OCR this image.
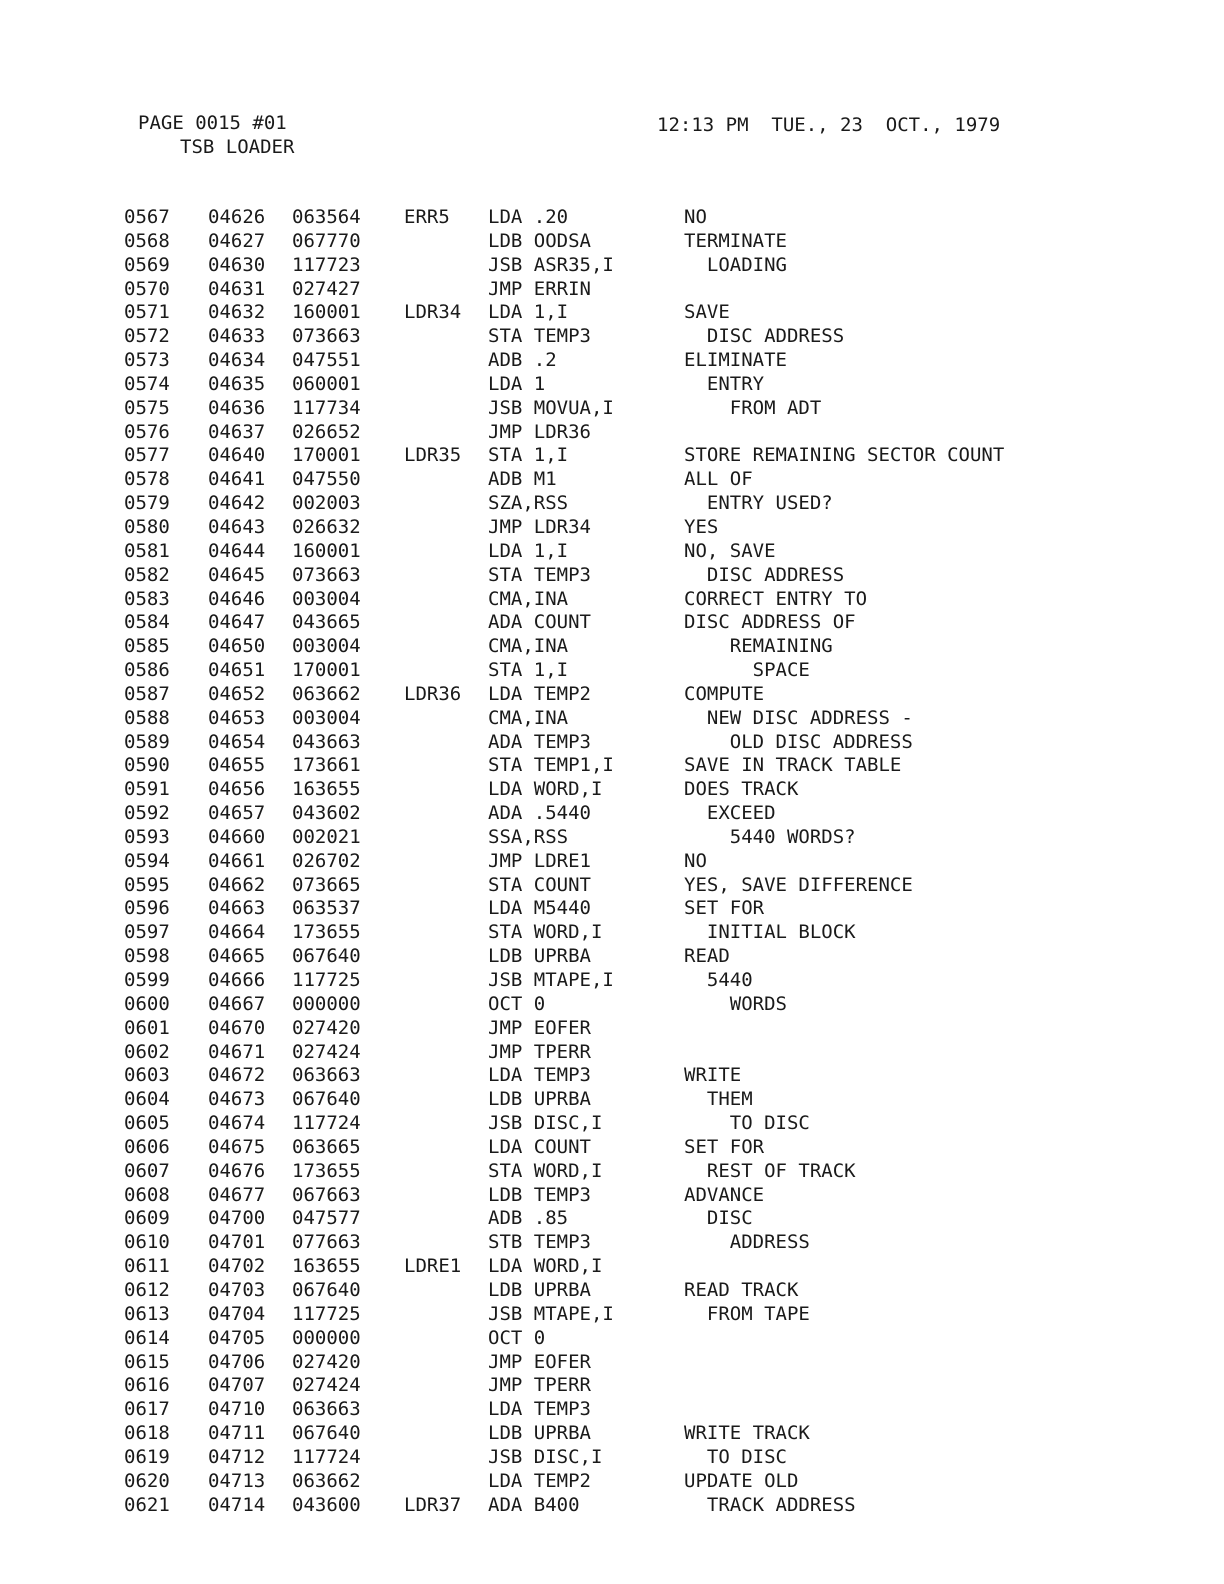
PAGE 0015 #01
TSB LOADER
12:13 PM  TUE., 23  OCT., 1979
0567 04626 063564 ERR5 LDA .20	NO
0568 04627 067770	LDB OODSA	TERMINATE
0569 04630 117723	JSB ASR35,I	LOADING
0570 04631 027427	JMP ERRIN
0571 04632 160001 LDR34 LDA 1,I	SAVE
0572 04633 073663	STA TEMP3	DISC ADDRESS
0573 04634 047551	ADB .2	ELIMINATE
0574 04635 060001	LDA 1	ENTRY
0575 04636 117734	JSB MOVUA,I	FROM ADT
0576 04637 026652	JMP LDR36
0577 04640 170001 LDR35 STA 1,I	STORE REMAINING SECTOR COUNT
0578 04641 047550	ADB M1	ALL OF
0579 04642 002003	SZA,RSS	ENTRY USED?
0580 04643 026632	JMP LDR34	YES
0581 04644 160001	LDA 1,I	NO, SAVE
0582 04645 073663	STA TEMP3	DISC ADDRESS
0583 04646 003004	CMA,INA	CORRECT ENTRY TO
0584 04647 043665	ADA COUNT	DISC ADDRESS OF
0585 04650 003004	CMA,INA	REMAINING
0586 04651 170001	STA 1,I	SPACE
0587 04652 063662 LDR36 LDA TEMP2	COMPUTE
0588 04653 003004	CMA,INA	NEW DISC ADDRESS -
0589 04654 043663	ADA TEMP3	OLD DISC ADDRESS
0590 04655 173661	STA TEMP1,I	SAVE IN TRACK TABLE
0591 04656 163655	LDA WORD,I	DOES TRACK
0592 04657 043602	ADA .5440	EXCEED
0593 04660 002021	SSA,RSS	5440 WORDS?
0594 04661 026702	JMP LDRE1	NO
0595 04662 073665	STA COUNT	YES, SAVE DIFFERENCE
0596 04663 063537	LDA M5440	SET FOR
0597 04664 173655	STA WORD,I	INITIAL BLOCK
0598 04665 067640	LDB UPRBA	READ
0599 04666 117725	JSB MTAPE,I	5440
0600 04667 000000	OCT 0	WORDS
0601 04670 027420	JMP EOFER
0602 04671 027424	JMP TPERR
0603 04672 063663	LDA TEMP3	WRITE
0604 04673 067640	LDB UPRBA	THEM
0605 04674 117724	JSB DISC,I	TO DISC
0606 04675 063665	LDA COUNT	SET FOR
0607 04676 173655	STA WORD,I	REST OF TRACK
0608 04677 067663	LDB TEMP3	ADVANCE
0609 04700 047577	ADB .85	DISC
0610 04701 077663	STB TEMP3	ADDRESS
0611 04702 163655 LDRE1 LDA WORD,I
0612 04703 067640	LDB UPRBA	READ TRACK
0613 04704 117725	JSB MTAPE,I	FROM TAPE
0614 04705 000000	OCT 0
0615 04706 027420	JMP EOFER
0616 04707 027424	JMP TPERR
0617 04710 063663	LDA TEMP3
0618 04711 067640	LDB UPRBA	WRITE TRACK
0619 04712 117724	JSB DISC,I	TO DISC
0620 04713 063662	LDA TEMP2	UPDATE OLD
0621 04714 043600 LDR37 ADA B400	TRACK ADDRESS
